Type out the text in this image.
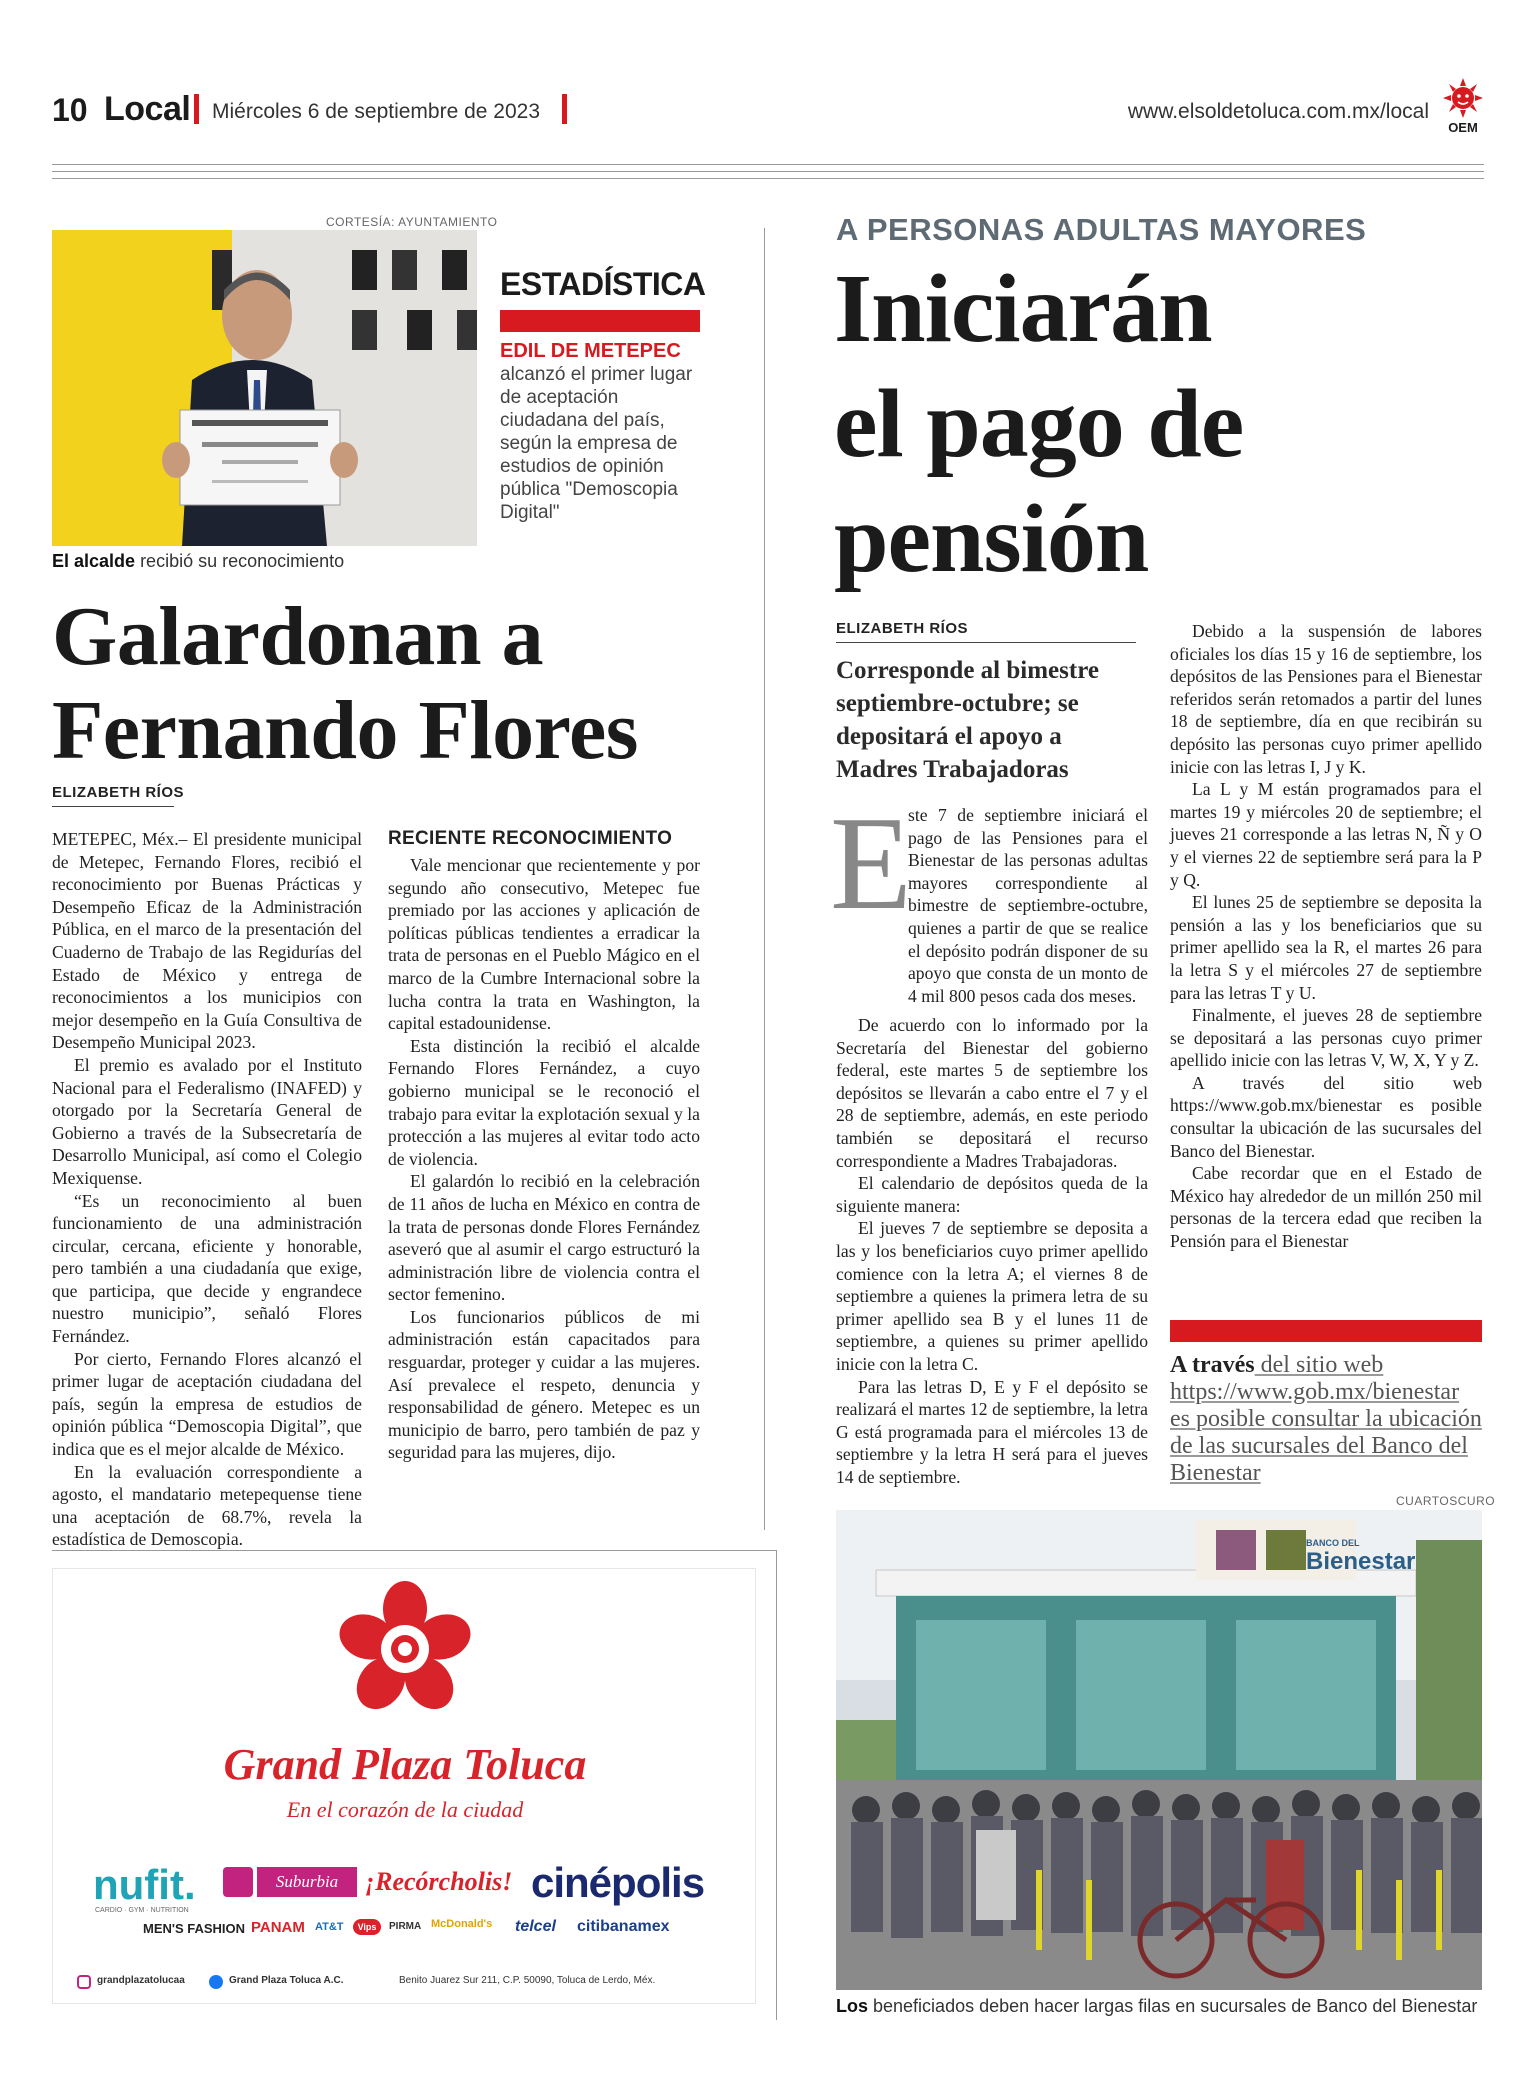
10 Local Miércoles 6 de septiembre de 2023	www.elsoldetoluca.com.mx/local
OEM
CORTESÍA: AYUNTAMIENTO
El alcalde recibió su reconocimiento
ESTADÍSTICA
EDIL DE METEPEC
alcanzó el primer lugar de aceptación ciudadana del país, según la empresa de estudios de opinión pública "Demoscopia Digital"
Galardonan a
Fernando Flores
ELIZABETH RÍOS

METEPEC, Méx.– El presidente municipal de Metepec, Fernando Flores, recibió el reconocimiento por Buenas Prácticas y Desempeño Eficaz de la Administración Pública, en el marco de la presentación del Cuaderno de Trabajo de las Regidurías del Estado de México y entrega de reconocimientos a los municipios con mejor desempeño en la Guía Consultiva de Desempeño Municipal 2023.

El premio es avalado por el Instituto Nacional para el Federalismo (INAFED) y otorgado por la Secretaría General de Gobierno a través de la Subsecretaría de Desarrollo Municipal, así como el Colegio Mexiquense.

“Es un reconocimiento al buen funcionamiento de una administración circular, cercana, eficiente y honorable, pero también a una ciudadanía que exige, que participa, que decide y engrandece nuestro municipio”, señaló Flores Fernández.

Por cierto, Fernando Flores alcanzó el primer lugar de aceptación ciudadana del país, según la empresa de estudios de opinión pública “Demoscopia Digital”, que indica que es el mejor alcalde de México.

En la evaluación correspondiente a agosto, el mandatario metepequense tiene una aceptación de 68.7%, revela la estadística de Demoscopia.

RECIENTE RECONOCIMIENTO

Vale mencionar que recientemente y por segundo año consecutivo, Metepec fue premiado por las acciones y aplicación de políticas públicas tendientes a erradicar la trata de personas en el Pueblo Mágico en el marco de la Cumbre Internacional sobre la lucha contra la trata en Washington, la capital estadounidense.

Esta distinción la recibió el alcalde Fernando Flores Fernández, a cuyo gobierno municipal se le reconoció el trabajo para evitar la explotación sexual y la protección a las mujeres al evitar todo acto de violencia.

El galardón lo recibió en la celebración de 11 años de lucha en México en contra de la trata de personas donde Flores Fernández aseveró que al asumir el cargo estructuró la administración libre de violencia contra el sector femenino.

Los funcionarios públicos de mi administración están capacitados para resguardar, proteger y cuidar a las mujeres. Así prevalece el respeto, denuncia y responsabilidad de género. Metepec es un municipio de barro, pero también de paz y seguridad para las mujeres, dijo.

A PERSONAS ADULTAS MAYORES
Iniciarán
el pago de
pensión
ELIZABETH RÍOS
Corresponde al bimestre septiembre-octubre; se depositará el apoyo a Madres Trabajadoras
E

ste 7 de septiembre iniciará el pago de las Pensiones para el Bienestar de las personas adultas mayores correspondiente al bimestre de septiembre-octubre, quienes a partir de que se realice el depósito podrán disponer de su apoyo que consta de un monto de 4 mil 800 pesos cada dos meses.

De acuerdo con lo informado por la Secretaría del Bienestar del gobierno federal, este martes 5 de septiembre los depósitos se llevarán a cabo entre el 7 y el 28 de septiembre, además, en este periodo también se depositará el recurso correspondiente a Madres Trabajadoras.

El calendario de depósitos queda de la siguiente manera:

El jueves 7 de septiembre se deposita a las y los beneficiarios cuyo primer apellido comience con la letra A; el viernes 8 de septiembre a quienes la primera letra de su primer apellido sea B y el lunes 11 de septiembre, a quienes su primer apellido inicie con la letra C.

Para las letras D, E y F el depósito se realizará el martes 12 de septiembre, la letra G está programada para el miércoles 13 de septiembre y la letra H será para el jueves 14 de septiembre.

Debido a la suspensión de labores oficiales los días 15 y 16 de septiembre, los depósitos de las Pensiones para el Bienestar referidos serán retomados a partir del lunes 18 de septiembre, día en que recibirán su depósito las personas cuyo primer apellido inicie con las letras I, J y K.

La L y M están programados para el martes 19 y miércoles 20 de septiembre; el jueves 21 corresponde a las letras N, Ñ y O y el viernes 22 de septiembre será para la P y Q.

El lunes 25 de septiembre se deposita la pensión a las y los beneficiarios que su primer apellido sea la R, el martes 26 para la letra S y el miércoles 27 de septiembre para las letras T y U.

Finalmente, el jueves 28 de septiembre se depositará a las personas cuyo primer apellido inicie con las letras V, W, X, Y y Z.

A través del sitio web https://www.gob.mx/bienestar es posible consultar la ubicación de las sucursales del Banco del Bienestar.

Cabe recordar que en el Estado de México hay alrededor de un millón 250 mil personas de la tercera edad que reciben la Pensión para el Bienestar

A través del sitio web https://www.gob.mx/bienestar es posible consultar la ubicación de las sucursales del Banco del Bienestar
CUARTOSCURO
BANCO DEL
Bienestar
Los beneficiados deben hacer largas filas en sucursales de Banco del Bienestar
Grand Plaza Toluca
En el corazón de la ciudad
nufit.
CARDIO · GYM · NUTRITION
Suburbia	¡Recórcholis! cinépolis
MEN'S FASHION PANAM AT&T	Vips	PIRMA McDonald's telcel citibanamex
grandplazatolucaa	Grand Plaza Toluca A.C.	Benito Juarez Sur 211, C.P. 50090, Toluca de Lerdo, Méx.
